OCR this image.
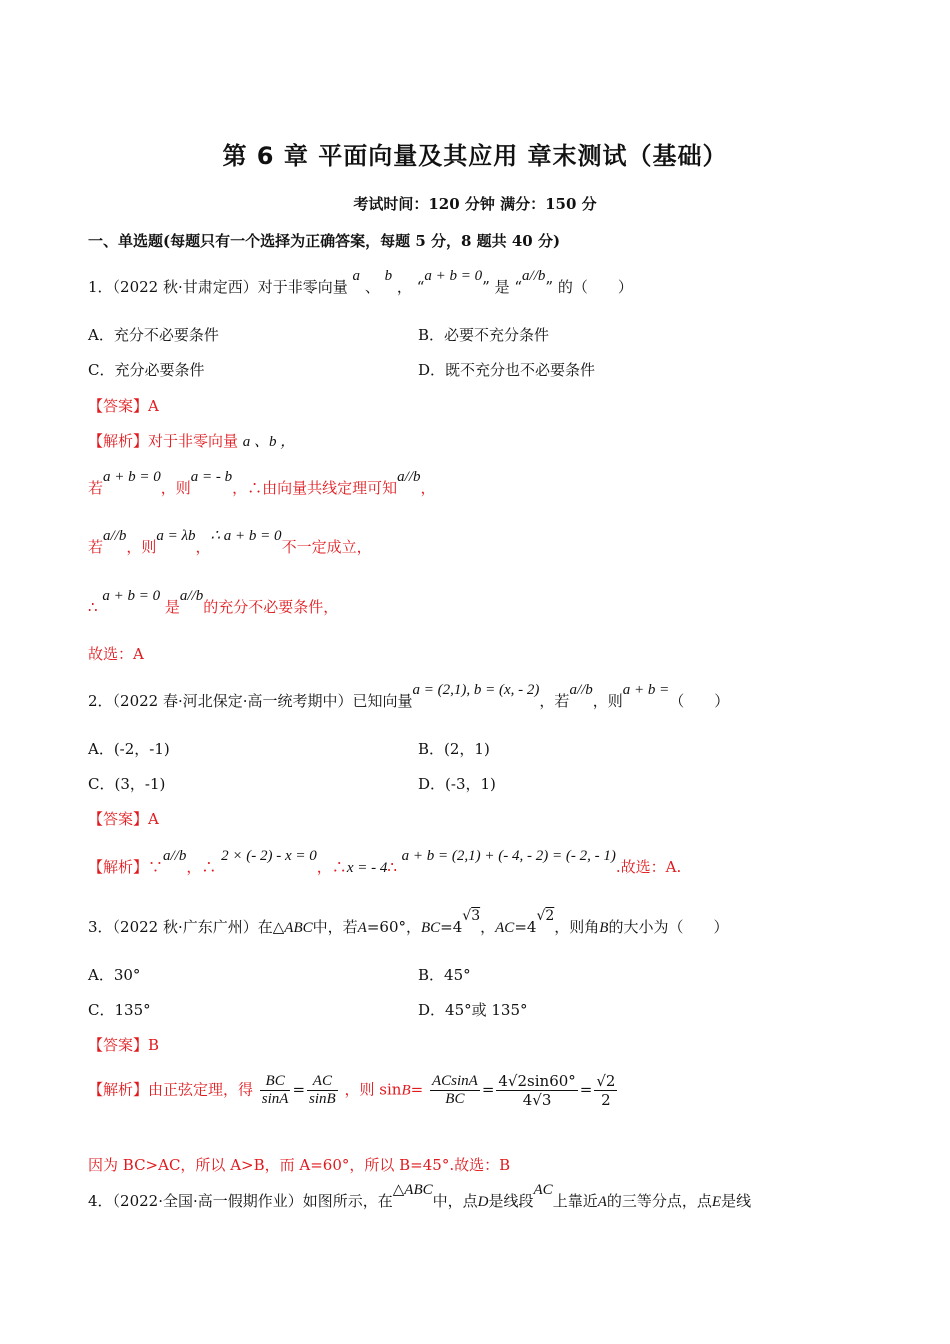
第 6 章 平面向量及其应用 章末测试（基础）
考试时间：120 分钟 满分：150 分
一、单选题(每题只有一个选择为正确答案，每题 5 分，8 题共 40 分)
1．（2022 秋·甘肃定西）对于非零向量 a 、 b ， “a + b = 0” 是 “a//b” 的（　　）
A．充分不必要条件	B．必要不充分条件
C．充分必要条件	D．既不充分也不必要条件
【答案】A
【解析】对于非零向量 a 、b ，
若a + b = 0，则a = - b，∴由向量共线定理可知a//b，
若a//b，则a = λb，∴ a + b = 0不一定成立，
∴ a + b = 0 是a//b的充分不必要条件，
故选：A
2．（2022 春·河北保定·高一统考期中）已知向量a = (2,1), b = (x, - 2)，若a//b，则a + b =（　　）
A．(-2，-1)	B．(2，1)
C．(3，-1)	D．(-3，1)
【答案】A
【解析】∵a//b，∴ 2 × (- 2) - x = 0，∴x = - 4∴ a + b = (2,1) + (- 4, - 2) = (- 2, - 1).故选：A.
3．（2022 秋·广东广州）在△ABC中，若A=60°，BC=4√3，AC=4√2，则角B的大小为（　　）
A．30°	B．45°
C．135°	D．45°或 135°
【答案】B
【解析】由正弦定理，得 $\frac{BC}{\sin A} = \frac{AC}{\sin B}$ ，则 $\sin B= \frac{ACsinA}{BC} = \frac{4√2\sin 60^\circ}{4√3} = \frac{√2}{2}$
因为 BC>AC，所以 A>B，而 A=60°，所以 B=45°.故选：B
4．（2022·全国·高一假期作业）如图所示，在△ABC中，点D是线段AC上靠近A的三等分点，点E是线
